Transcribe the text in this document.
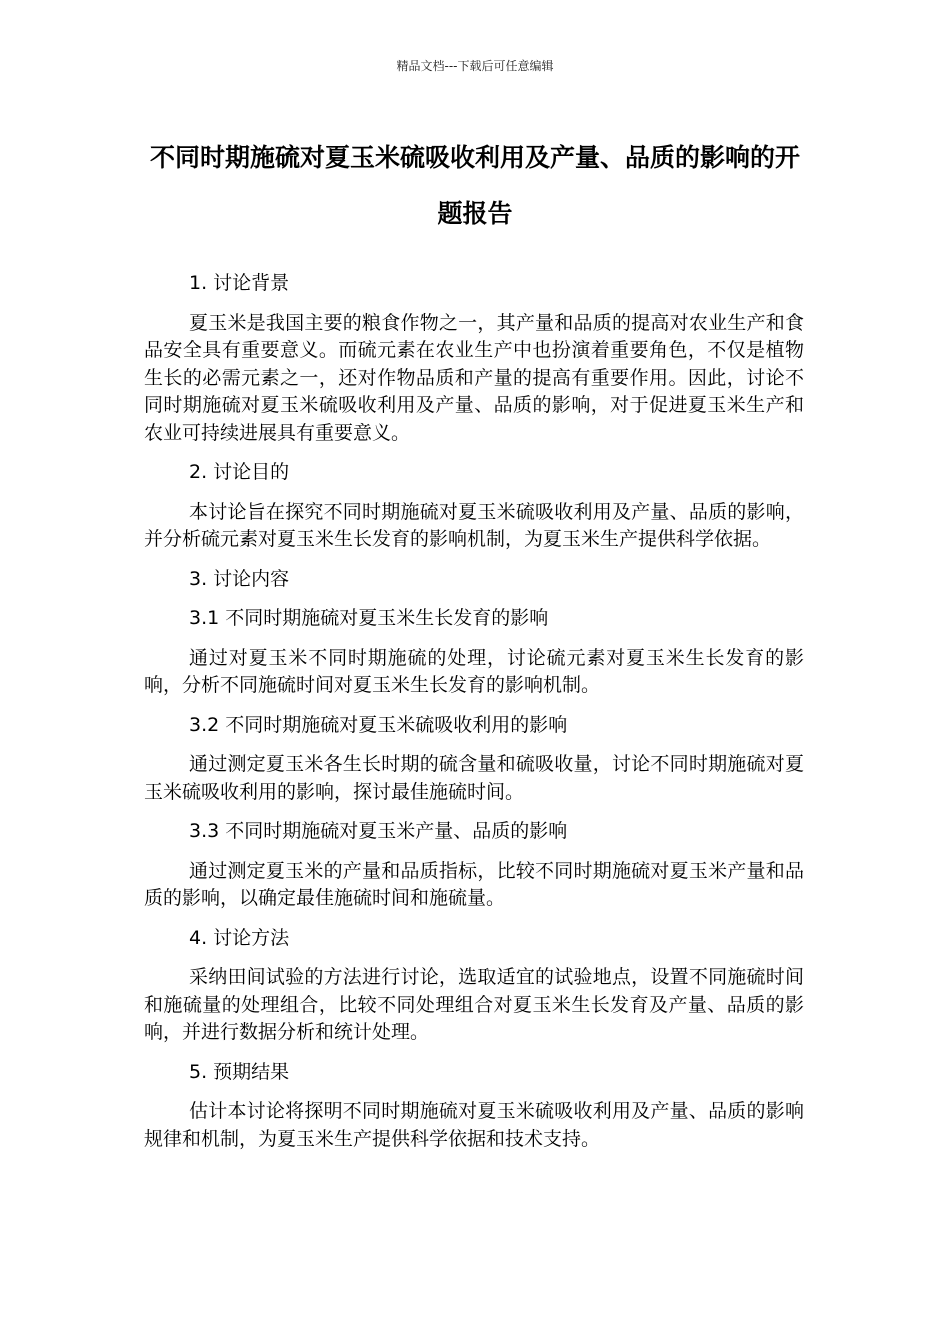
精品文档---下载后可任意编辑
不同时期施硫对夏玉米硫吸收利用及产量、品质的影响的开题报告
1. 讨论背景

夏玉米是我国主要的粮食作物之一，其产量和品质的提高对农业生产和食品安全具有重要意义。而硫元素在农业生产中也扮演着重要角色，不仅是植物生长的必需元素之一，还对作物品质和产量的提高有重要作用。因此，讨论不同时期施硫对夏玉米硫吸收利用及产量、品质的影响，对于促进夏玉米生产和农业可持续进展具有重要意义。

2. 讨论目的

本讨论旨在探究不同时期施硫对夏玉米硫吸收利用及产量、品质的影响，并分析硫元素对夏玉米生长发育的影响机制，为夏玉米生产提供科学依据。

3. 讨论内容
3.1 不同时期施硫对夏玉米生长发育的影响

通过对夏玉米不同时期施硫的处理，讨论硫元素对夏玉米生长发育的影响，分析不同施硫时间对夏玉米生长发育的影响机制。

3.2 不同时期施硫对夏玉米硫吸收利用的影响

通过测定夏玉米各生长时期的硫含量和硫吸收量，讨论不同时期施硫对夏玉米硫吸收利用的影响，探讨最佳施硫时间。

3.3 不同时期施硫对夏玉米产量、品质的影响

通过测定夏玉米的产量和品质指标，比较不同时期施硫对夏玉米产量和品质的影响，以确定最佳施硫时间和施硫量。

4. 讨论方法

采纳田间试验的方法进行讨论，选取适宜的试验地点，设置不同施硫时间和施硫量的处理组合，比较不同处理组合对夏玉米生长发育及产量、品质的影响，并进行数据分析和统计处理。

5. 预期结果

估计本讨论将探明不同时期施硫对夏玉米硫吸收利用及产量、品质的影响规律和机制，为夏玉米生产提供科学依据和技术支持。
